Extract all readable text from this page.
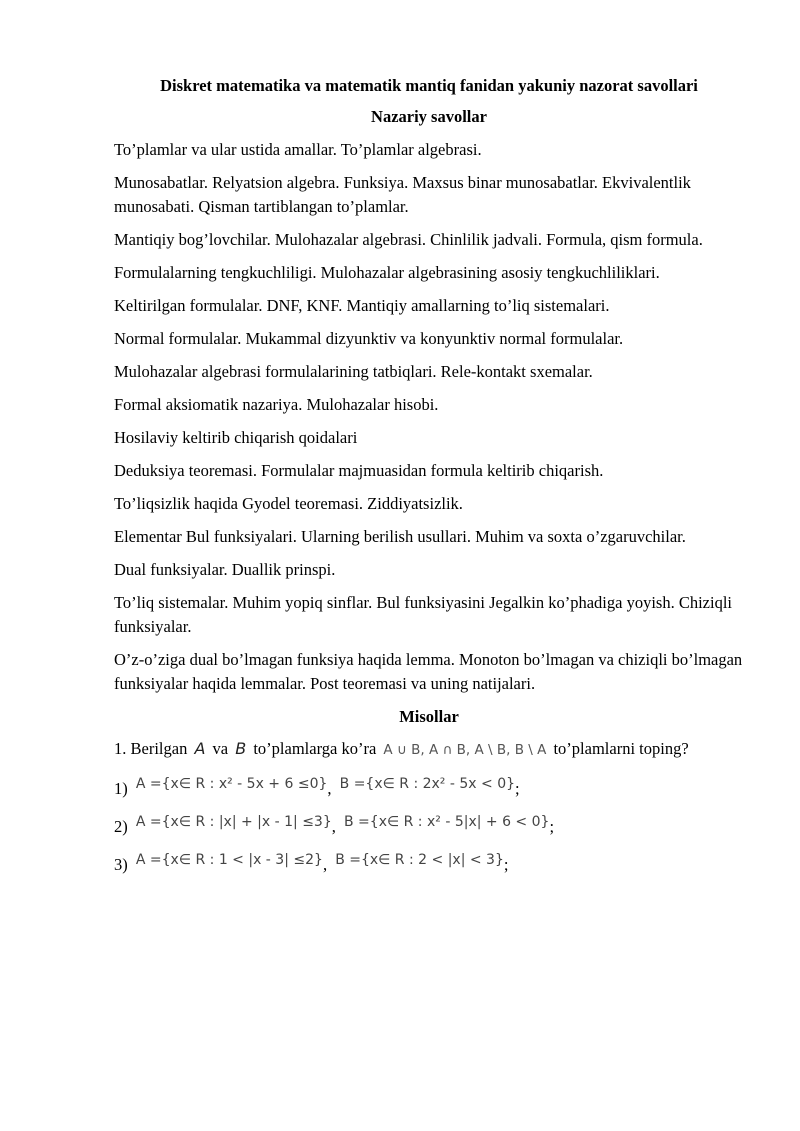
Diskret matematika va matematik mantiq fanidan yakuniy nazorat savollari

Nazariy savollar

To’plamlar va ular ustida amallar. To’plamlar algebrasi.

Munosabatlar. Relyatsion algebra. Funksiya. Maxsus binar munosabatlar. Ekvivalentlik munosabati. Qisman tartiblangan to’plamlar.

Mantiqiy bog’lovchilar. Mulohazalar algebrasi. Chinlilik jadvali. Formula, qism formula.

Formulalarning tengkuchliligi. Mulohazalar algebrasining asosiy tengkuchliliklari.

Keltirilgan formulalar. DNF, KNF. Mantiqiy amallarning to’liq sistemalari.

Normal formulalar. Mukammal dizyunktiv va konyunktiv normal formulalar.

Mulohazalar algebrasi formulalarining tatbiqlari. Rele-kontakt sxemalar.

Formal aksiomatik nazariya. Mulohazalar hisobi.

Hosilaviy keltirib chiqarish qoidalari

Deduksiya teoremasi. Formulalar majmuasidan formula keltirib chiqarish.

To’liqsizlik haqida Gyodel teoremasi. Ziddiyatsizlik.

Elementar Bul funksiyalari. Ularning berilish usullari. Muhim va soxta o’zgaruvchilar.

Dual funksiyalar. Duallik prinspi.

To’liq sistemalar. Muhim yopiq sinflar. Bul funksiyasini Jegalkin ko’phadiga yoyish. Chiziqli funksiyalar.

O’z-o’ziga dual bo’lmagan funksiya haqida lemma. Monoton bo’lmagan va chiziqli bo’lmagan funksiyalar haqida lemmalar. Post teoremasi va uning natijalari.

Misollar

1. Berilgan A va B to’plamlarga ko’ra A ∪ B, A ∩ B, A \ B, B \ A to’plamlarni toping?

1) A ={x∈ R : x² - 5x + 6 ≤0}, B ={x∈ R : 2x² - 5x < 0};

2) A ={x∈ R : |x| + |x - 1| ≤3}, B ={x∈ R : x² - 5|x| + 6 < 0};

3) A ={x∈ R : 1 < |x - 3| ≤2}, B ={x∈ R : 2 < |x| < 3};
